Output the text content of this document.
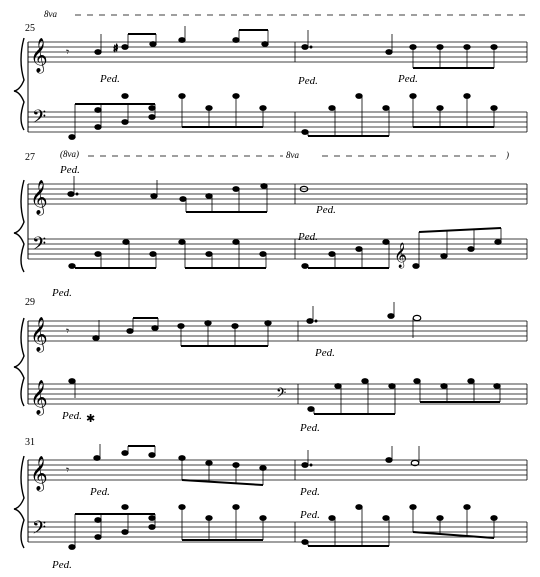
8va
25
𝄞
𝄢
𝄾	♯
Ped.	Ped.	Ped.
27	(8va)	8va	)
Ped.
𝄞
𝄢
Ped.
𝄞
Ped.
Ped.
29
𝄞
𝄞
𝄾
Ped.
𝄢
Ped. ✱
Ped.
31
𝄞
𝄢
𝄾
Ped.	Ped.
Ped.
Ped.
